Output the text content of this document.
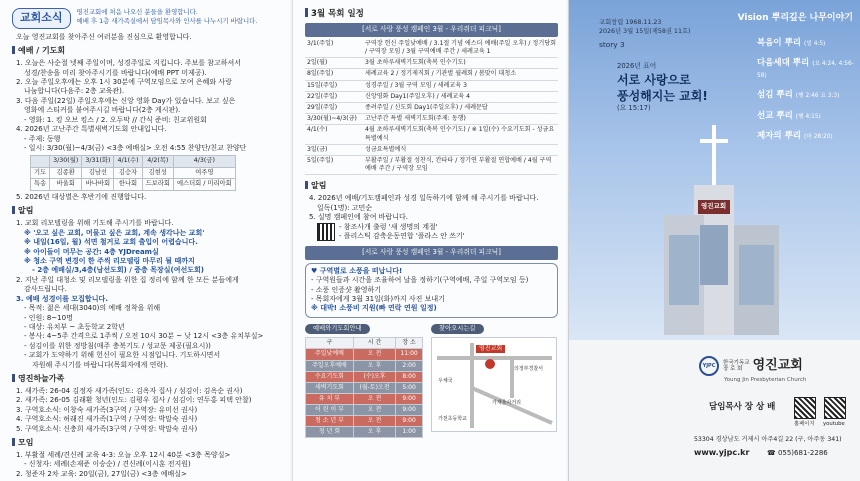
교회소식	영진교회에 처음 나오신 분들을 환영합니다.
예배 후 1층 새가족실에서 담임목사와 인사를 나누시기 바랍니다.
오늘 영진교회를 찾아주신 여러분을 진심으로 환영합니다.
예배 / 기도회
1. 오늘은 사순절 넷째 주일이며, 성경주일로 지킵니다. 주보를 참고하셔서
성경/찬송을 미리 찾아주시기를 바랍니다(예배 PPT 미제공).
2. 오늘 주일오후에는 오후 1시 30분에 구역모임으로 모여 은혜와 사랑
나눔합니다(다음주: 2층 교육관).
3. 다음 주일(22일) 주일오후에는 신앙 영화 Day가 있습니다. 보고 싶은
영화에 스티커를 붙여주시길 바랍니다(2층 게시판).
- 영화: 1. 킹 오브 킹스 / 2. 오두막 // 간식 준비: 친교위원회
4. 2026년 고난주간 특별새벽기도회 안내입니다.
- 주제: 동행
- 일시: 3/30(월)~4/3(금) <3층 예배실> 오전 4:55 찬양단/친교 찬양단
	3/30(월)	3/31(화)	4/1(수)	4/2(목)	4/3(금)
기도	김종환	김남선	김승자	김현성	여주영
특송	바울회	바나바회	한나회	드보라회	에스더회 / 미리아회
5. 2026년 대상별은 후반기에 진행합니다.
알림
1. 교회 리모델링을 위해 기도해 주시기를 바랍니다.
※ '오고 싶은 교회, 머물고 싶은 교회, 계속 생각나는 교회'
※ 내일(16일, 월) 석면 철거로 교회 출입이 어렵습니다.
※ 아이들이 머무는 공간: 4층 YJDream실
※ 청소 구역 변경이 한 주씩 리모델링 마무리 될 때까지
- 2층 예배실/3,4층(남선도회) / 증층 목장실(여선도회)
2. 지난 주일 대청소 및 리모델링을 위한 집 정리에 함께 한 모든 분들에게
감사드립니다.
3. 예배 성경이를 모집합니다.
- 목적: 젊은 세대(3040)의 예배 정착을 위해
- 인원: 8~10명
- 대상: 유치부 ~ 초등학교 2학년
- 봉사: 4~5주 간격으로 1주씩 / 오전 10시 30분 ~ 낮 12시 <3층 유치부실>
- 섬김이를 위한 정방침(매주 충북기도 / 성교문 제공(필요시))
- 교회가 도약하기 위해 헌신이 필요한 시점입니다. 기도하시면서
자원해 주시기를 바랍니다(목회자에게 연락).
영진하늘가족
1. 새가족: 26-04 김정자 새가족(인도: 김옥자 집사 / 섬김이: 김옥순 권사)
2. 새가족: 26-05 김래환 청년(인도: 김평우 집사 / 섬김이: 연두홍 피택 안찰)
3. 구역호소식: 이창숙 새가족(3구역 / 구역장: 유미선 권사)
4. 구역호소식: 허래진 새가족(1구역 / 구역장: 박말숙 권사)
5. 구역호소식: 신충희 새가족(3구역 / 구역장: 박말숙 권사)
모임
1. 부활절 세례/견신례 교육 4-3: 오늘 오후 12시 40분 <3층 목양실>
- 신청자: 세례(손재준 이승순) / 견신례(이시훈 전지원)
2. 청준자 2차 교육: 20일(금), 27일(금) <3층 예배실>
3월 목회 일정
[서로 사랑 풍성 캠페인 3월 - 우리쥐더 피크닉]
3/1(주일)	구역장 헌신 주일낮예배 / 3.1절 기념 에스더 예배(주일 오후) / 정기당회 / 구역장 모임 / 3월 구역예배 주간 / 세례교육 1
2일(월)	3월 초하루새벽기도회(축복 인수기도)
8일(주일)	세례교육 2 / 정기제직회 / 기관별 월례회 / 봄맞이 대청소
15일(주일)	성경주일 / 3월 구역 모임 / 세례교육 3
22일(주일)	신앙영화 Day1(주일오후) / 세례교육 4
29일(주일)	종려주일 / 신도회 Day1(주일오후) / 세례문답
3/30(월)~4/3(금)	고난주간 특별 새벽기도회(주제: 동행)
4/1(수)	4월 초하루새벽기도회(축복 인수기도) / ※ 1일(수) 수요기도회 - 성금요특별예식
3일(금)	성금요특별예식
5일(주일)	부활주일 / 부활절 성찬식, 칸타타 / 정기연 부활절 연합예배 / 4월 구역예배 주간 / 구역장 모임
알림
4. 2026년 예배/기도캠페인과 성경 일독하기에 함께 해 주시기를 바랍니다.
일독(1명): 고민순
5. 실명 캠페인에 참여 바랍니다.
- 참조사개 출렁 '새 생명의 계절'
- 플리스틱 감축운동연합 '플라스 안 쓰기'
[서로 사랑 풍성 캠페인 3월 - 우리쥐더 피크닉]
♥ 구역별로 소풍을 떠납니다!
- 구역원들과 시간을 조율하여 날을 정하기(구역예배, 주일 구역모임 등)
- 소풍 인증샷 촬영하기
- 목회자에게 3월 31일(화)까지 사진 보내기
※ 대박! 소풍비 지원(빠 연락 연원 일정)
예배와기도회안내
구	시 간	장 소
주일낮예배	오 전	11:00
주일오후예배	오 후	2:00
수요기도회	(수)오후	8:00
새벽기도회	(월-토)오전	5:00
유 치 부	오 전	9:00
어 린 이 부	오 전	9:00
청 소 년 부	오 전	9:00
청 년 회	오 후	1:00
찾아오시는길
영진교회
의정부경찰서
우체국
가재울사거리
가천초등학교
교회창립 1968.11.23
2026년 3월 15일(제58권 11호)
story 3
2026년 표어
서로 사랑으로
풍성해지는 교회!
(요 15:17)
Vision 뿌리깊은 나무이야기
복음이 뿌리 (빌 4:5)
다음세대 뿌리 (요 4:24, 4:56-58)
섬김 뿌리 (행 2:46 요 3:3)
선교 뿌리 (행 4:15)
제자의 뿌리 (마 28:20)
영진교회
YJPC	한국기독교
장 로 회 영진교회
Young Jin Presbyterian Church
담임목사 장 상 배
홈페이지 youtube
53304 경상남도 거제시 아주4길 22 (구, 아주동 341)
www.yjpc.kr	☎ 055)681-2286
